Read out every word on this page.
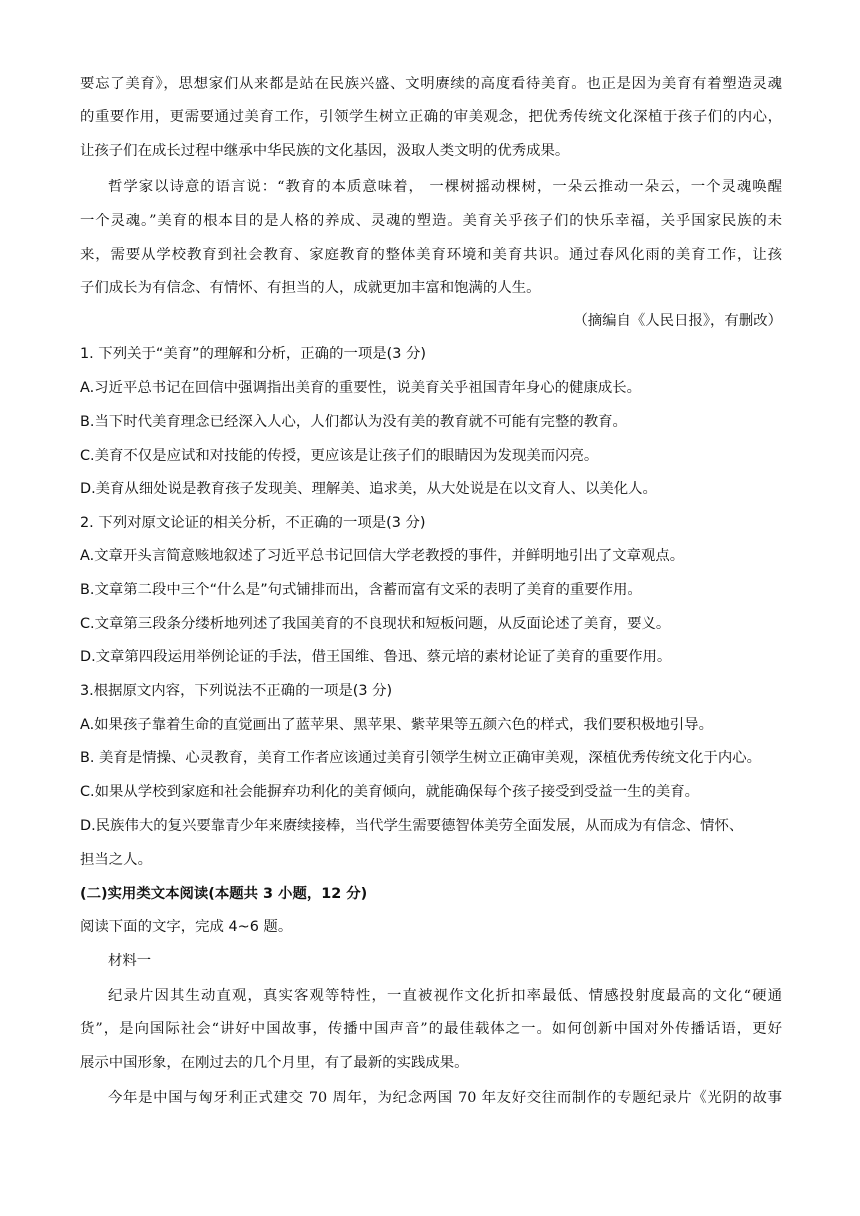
要忘了美育》，思想家们从来都是站在民族兴盛、文明赓续的高度看待美育。也正是因为美育有着塑造灵魂
的重要作用，更需要通过美育工作，引领学生树立正确的审美观念，把优秀传统文化深植于孩子们的内心，
让孩子们在成长过程中继承中华民族的文化基因，汲取人类文明的优秀成果。
哲学家以诗意的语言说：“教育的本质意味着， 一棵树摇动棵树，一朵云推动一朵云，一个灵魂唤醒
一个灵魂。”美育的根本目的是人格的养成、灵魂的塑造。美育关乎孩子们的快乐幸福，关乎国家民族的未
来，需要从学校教育到社会教育、家庭教育的整体美育环境和美育共识。通过春风化雨的美育工作，让孩
子们成长为有信念、有情怀、有担当的人，成就更加丰富和饱满的人生。
（摘编自《人民日报》，有删改）
1. 下列关于“美育”的理解和分析，正确的一项是(3 分)
A.习近平总书记在回信中强调指出美育的重要性，说美育关乎祖国青年身心的健康成长。
B.当下时代美育理念已经深入人心，人们都认为没有美的教育就不可能有完整的教育。
C.美育不仅是应试和对技能的传授，更应该是让孩子们的眼睛因为发现美而闪亮。
D.美育从细处说是教育孩子发现美、理解美、追求美，从大处说是在以文育人、以美化人。
2. 下列对原文论证的相关分析，不正确的一项是(3 分)
A.文章开头言简意赅地叙述了习近平总书记回信大学老教授的事件，并鲜明地引出了文章观点。
B.文章第二段中三个“什么是”句式铺排而出，含蓄而富有文采的表明了美育的重要作用。
C.文章第三段条分缕析地列述了我国美育的不良现状和短板问题，从反面论述了美育，要义。
D.文章第四段运用举例论证的手法，借王国维、鲁迅、蔡元培的素材论证了美育的重要作用。
3.根据原文内容，下列说法不正确的一项是(3 分)
A.如果孩子靠着生命的直觉画出了蓝苹果、黑苹果、紫苹果等五颜六色的样式，我们要积极地引导。
B. 美育是情操、心灵教育，美育工作者应该通过美育引领学生树立正确审美观，深植优秀传统文化于内心。
C.如果从学校到家庭和社会能摒弃功利化的美育倾向，就能确保每个孩子接受到受益一生的美育。
D.民族伟大的复兴要靠青少年来赓续接棒，当代学生需要德智体美劳全面发展，从而成为有信念、情怀、
担当之人。
(二)实用类文本阅读(本题共 3 小题，12 分)
阅读下面的文字，完成 4~6 题。
材料一
纪录片因其生动直观，真实客观等特性，一直被视作文化折扣率最低、情感投射度最高的文化“硬通
货”，是向国际社会“讲好中国故事，传播中国声音”的最佳载体之一。如何创新中国对外传播话语，更好
展示中国形象，在刚过去的几个月里，有了最新的实践成果。
今年是中国与匈牙利正式建交 70 周年，为纪念两国 70 年友好交往而制作的专题纪录片《光阴的故事
